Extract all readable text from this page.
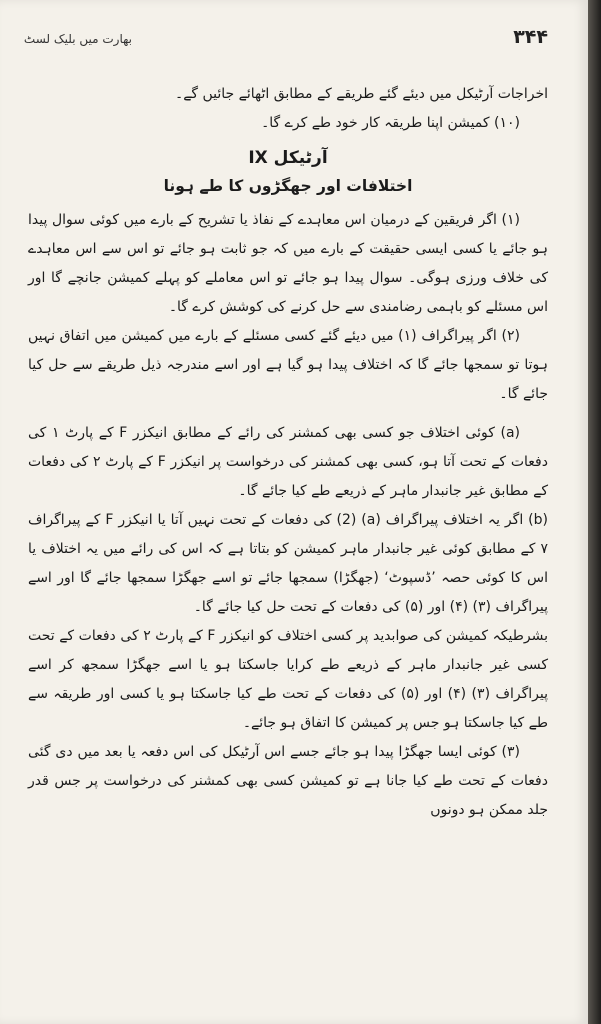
بھارت میں بلیک لسٹ	۳۴۴

اخراجات آرٹیکل میں دیئے گئے طریقے کے مطابق اٹھائے جائیں گے۔

(۱۰) کمیشن اپنا طریقہ کار خود طے کرے گا۔

آرٹیکل IX

اختلافات اور جھگڑوں کا طے ہونا

(۱) اگر فریقین کے درمیان اس معاہدے کے نفاذ یا تشریح کے بارے میں کوئی سوال پیدا ہو جائے یا کسی ایسی حقیقت کے بارے میں کہ جو ثابت ہو جائے تو اس سے اس معاہدے کی خلاف ورزی ہوگی۔ سوال پیدا ہو جائے تو اس معاملے کو پہلے کمیشن جانچے گا اور اس مسئلے کو باہمی رضامندی سے حل کرنے کی کوشش کرے گا۔

(۲) اگر پیراگراف (۱) میں دیئے گئے کسی مسئلے کے بارے میں کمیشن میں اتفاق نہیں ہوتا تو سمجھا جائے گا کہ اختلاف پیدا ہو گیا ہے اور اسے مندرجہ ذیل طریقے سے حل کیا جائے گا۔

(a) کوئی اختلاف جو کسی بھی کمشنر کی رائے کے مطابق انیکزر F کے پارٹ ۱ کی دفعات کے تحت آتا ہو، کسی بھی کمشنر کی درخواست پر انیکزر F کے پارٹ ۲ کی دفعات کے مطابق غیر جانبدار ماہر کے ذریعے طے کیا جائے گا۔

(b) اگر یہ اختلاف پیراگراف (a) (2) کی دفعات کے تحت نہیں آتا یا انیکزر F کے پیراگراف ۷ کے مطابق کوئی غیر جانبدار ماہر کمیشن کو بتاتا ہے کہ اس کی رائے میں یہ اختلاف یا اس کا کوئی حصہ ’ڈسپوٹ‘ (جھگڑا) سمجھا جائے تو اسے جھگڑا سمجھا جائے گا اور اسے پیراگراف (۳) (۴) اور (۵) کی دفعات کے تحت حل کیا جائے گا۔

بشرطیکہ کمیشن کی صوابدید پر کسی اختلاف کو انیکزر F کے پارٹ ۲ کی دفعات کے تحت کسی غیر جانبدار ماہر کے ذریعے طے کرایا جاسکتا ہو یا اسے جھگڑا سمجھ کر اسے پیراگراف (۳) (۴) اور (۵) کی دفعات کے تحت طے کیا جاسکتا ہو یا کسی اور طریقہ سے طے کیا جاسکتا ہو جس پر کمیشن کا اتفاق ہو جائے۔

(۳) کوئی ایسا جھگڑا پیدا ہو جائے جسے اس آرٹیکل کی اس دفعہ یا بعد میں دی گئی دفعات کے تحت طے کیا جانا ہے تو کمیشن کسی بھی کمشنر کی درخواست پر جس قدر جلد ممکن ہو دونوں
